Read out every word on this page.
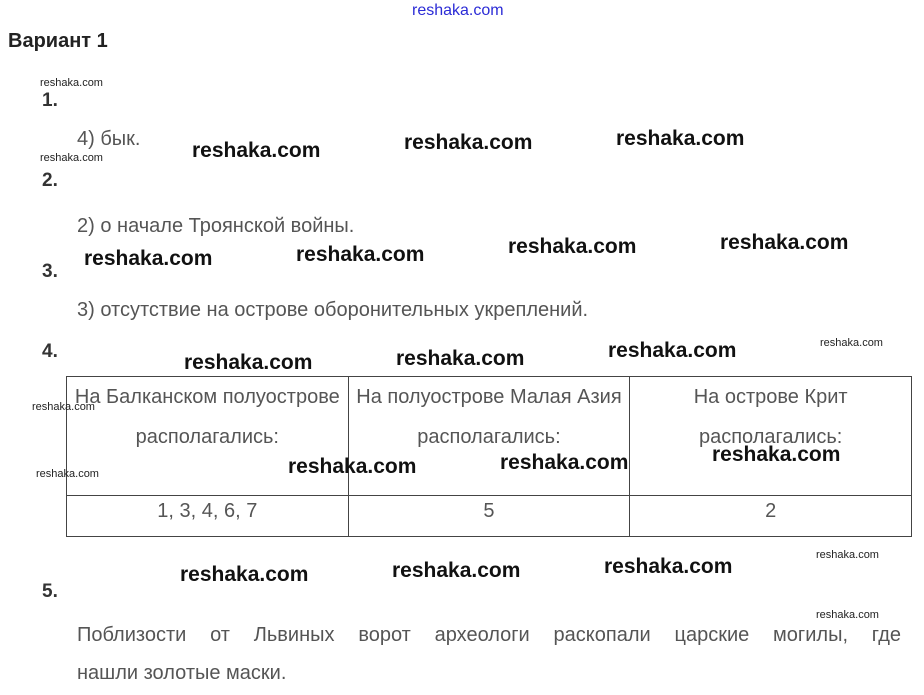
reshaka.com
Вариант 1
1.
4) бык.
2.
2) о начале Троянской войны.
3.
3) отсутствие на острове оборонительных укреплений.
4.
На Балканском полуострове располагались:	На полуострове Малая Азия располагались:	На острове Крит располагались:
1, 3, 4, 6, 7	5	2
5.
Поблизости от Львиных ворот археологи раскопали царские могилы, где
нашли золотые маски.
reshaka.com
reshaka.com	reshaka.com	reshaka.com	reshaka.com
reshaka.com	reshaka.com	reshaka.com	reshaka.com
reshaka.com	reshaka.com	reshaka.com	reshaka.com
reshaka.com
reshaka.com	reshaka.com	reshaka.com	reshaka.com
reshaka.com
reshaka.com	reshaka.com	reshaka.com
reshaka.com
